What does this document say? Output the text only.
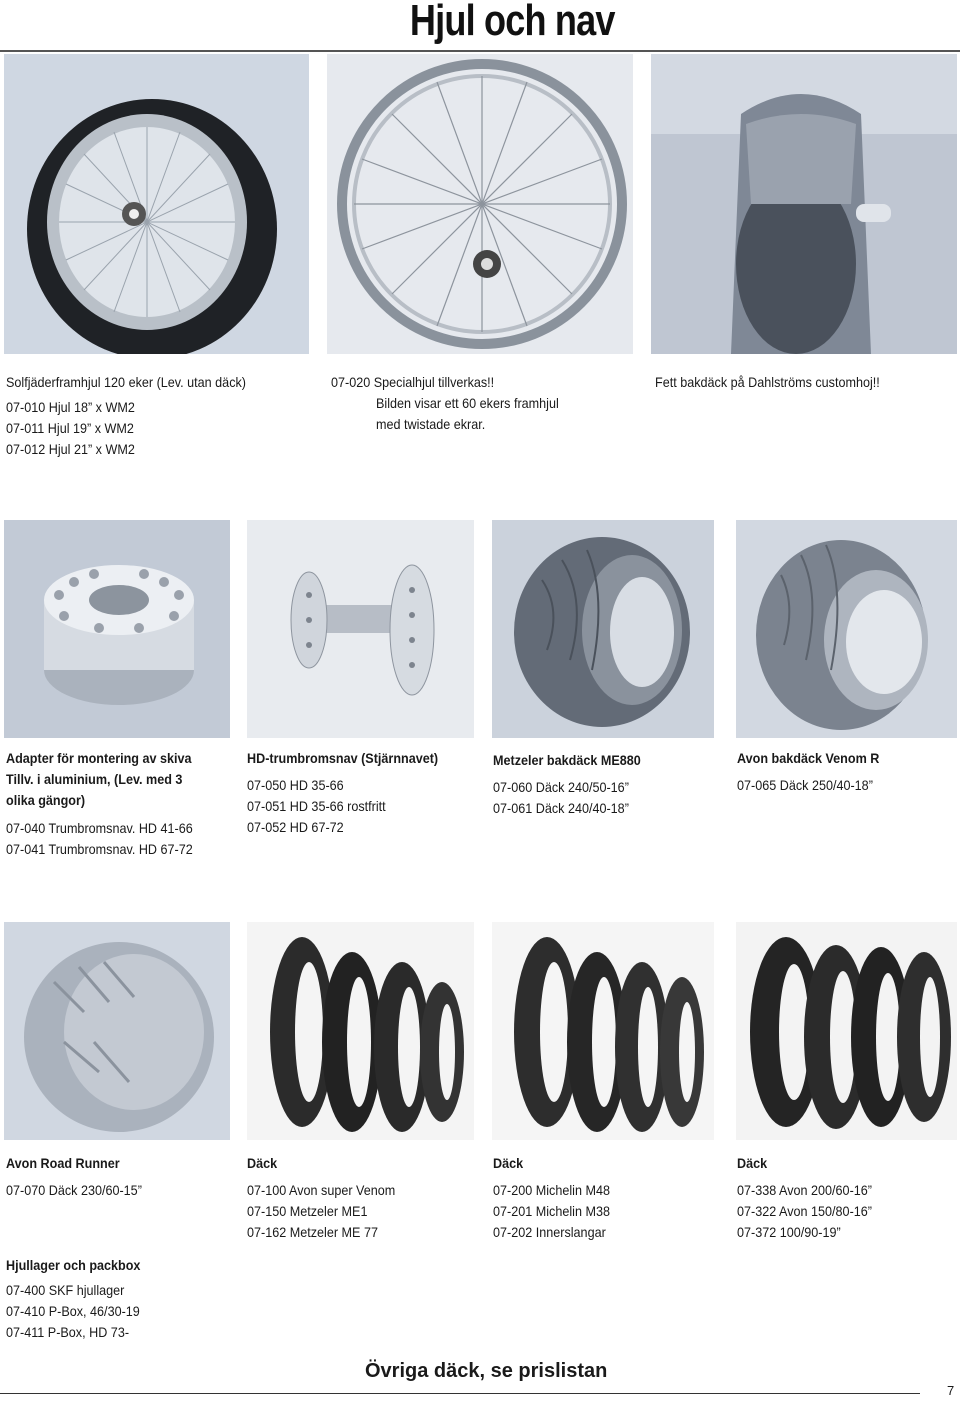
Hjul och nav
Solfjäderframhjul 120 eker (Lev. utan däck)
07-010 Hjul 18” x WM2
07-011 Hjul 19” x WM2
07-012 Hjul 21” x WM2
07-020 Specialhjul tillverkas!!
Bilden visar ett 60 ekers framhjul
med twistade ekrar.
Fett bakdäck på Dahlströms customhoj!!
Adapter för montering av skiva
Tillv. i aluminium, (Lev. med 3
olika gängor)
07-040 Trumbromsnav. HD 41-66
07-041 Trumbromsnav. HD 67-72
HD-trumbromsnav (Stjärnnavet)
07-050 HD 35-66
07-051 HD 35-66 rostfritt
07-052 HD 67-72
Metzeler bakdäck ME880
07-060 Däck 240/50-16”
07-061 Däck 240/40-18”
Avon bakdäck Venom R
07-065 Däck 250/40-18”
Avon Road Runner
07-070 Däck 230/60-15”
Hjullager och packbox
07-400 SKF hjullager
07-410 P-Box, 46/30-19
07-411 P-Box, HD 73-
Däck
07-100 Avon super Venom
07-150 Metzeler ME1
07-162 Metzeler ME 77
Däck
07-200 Michelin M48
07-201 Michelin M38
07-202 Innerslangar
Däck
07-338 Avon 200/60-16”
07-322 Avon 150/80-16”
07-372 100/90-19”
Övriga däck, se prislistan
7
